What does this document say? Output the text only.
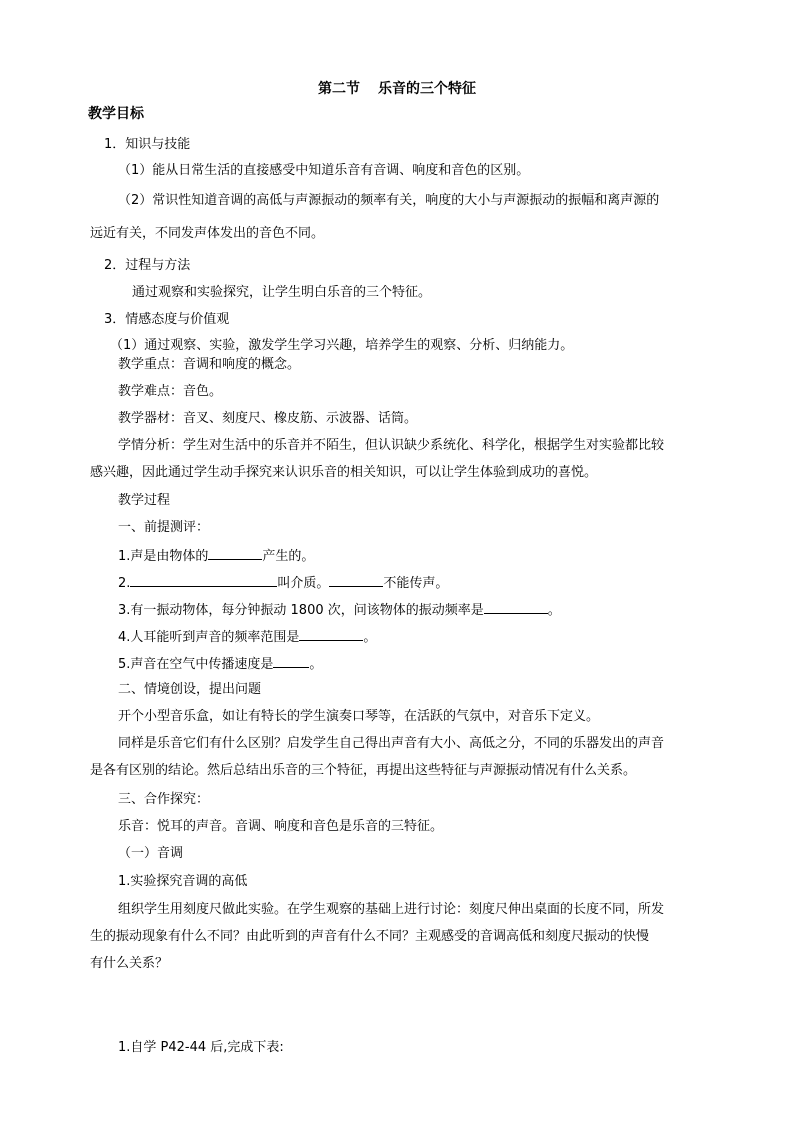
第二节 乐音的三个特征
教学目标
1．知识与技能
（1）能从日常生活的直接感受中知道乐音有音调、响度和音色的区别。
（2）常识性知道音调的高低与声源振动的频率有关，响度的大小与声源振动的振幅和离声源的
远近有关，不同发声体发出的音色不同。
2．过程与方法
通过观察和实验探究，让学生明白乐音的三个特征。
3．情感态度与价值观
（1）通过观察、实验，激发学生学习兴趣，培养学生的观察、分析、归纳能力。
教学重点：音调和响度的概念。
教学难点：音色。
教学器材：音叉、刻度尺、橡皮筋、示波器、话筒。
学情分析：学生对生活中的乐音并不陌生，但认识缺少系统化、科学化，根据学生对实验都比较
感兴趣，因此通过学生动手探究来认识乐音的相关知识，可以让学生体验到成功的喜悦。
教学过程
一、前提测评：
1.声是由物体的	产生的。
2.	叫介质。	不能传声。
3.有一振动物体，每分钟振动 1800 次，问该物体的振动频率是	。
4.人耳能听到声音的频率范围是	。
5.声音在空气中传播速度是	。
二、情境创设，提出问题
开个小型音乐盒，如让有特长的学生演奏口琴等，在活跃的气氛中，对音乐下定义。
同样是乐音它们有什么区别？启发学生自己得出声音有大小、高低之分，不同的乐器发出的声音
是各有区别的结论。然后总结出乐音的三个特征，再提出这些特征与声源振动情况有什么关系。
三、合作探究：
乐音：悦耳的声音。音调、响度和音色是乐音的三特征。
（一）音调
1.实验探究音调的高低
组织学生用刻度尺做此实验。在学生观察的基础上进行讨论：刻度尺伸出桌面的长度不同，所发
生的振动现象有什么不同？由此听到的声音有什么不同？主观感受的音调高低和刻度尺振动的快慢
有什么关系？
1.自学 P42-44 后,完成下表:
